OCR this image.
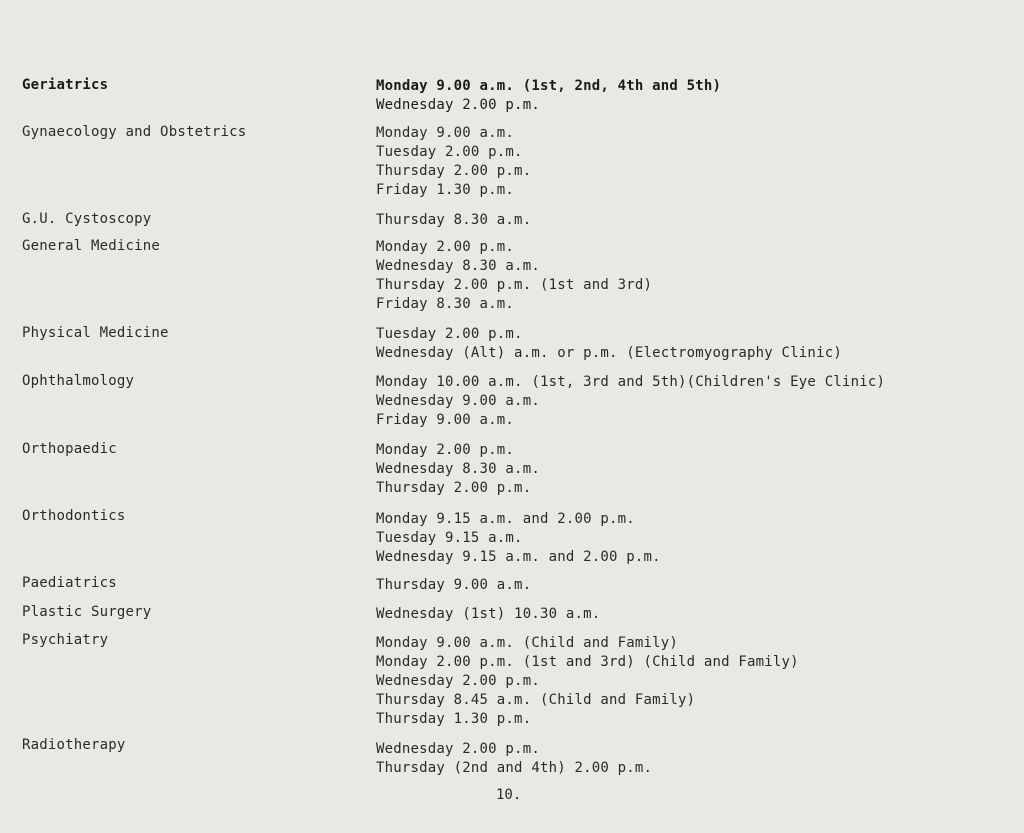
Geriatrics	Monday 9.00 a.m. (1st, 2nd, 4th and 5th)
Wednesday 2.00 p.m.
Gynaecology and Obstetrics	Monday 9.00 a.m.
Tuesday 2.00 p.m.
Thursday 2.00 p.m.
Friday 1.30 p.m.
G.U. Cystoscopy	Thursday 8.30 a.m.
General Medicine	Monday 2.00 p.m.
Wednesday 8.30 a.m.
Thursday 2.00 p.m. (1st and 3rd)
Friday 8.30 a.m.
Physical Medicine	Tuesday 2.00 p.m.
Wednesday (Alt) a.m. or p.m. (Electromyography Clinic)
Ophthalmology	Monday 10.00 a.m. (1st, 3rd and 5th)(Children's Eye Clinic)
Wednesday 9.00 a.m.
Friday 9.00 a.m.
Orthopaedic	Monday 2.00 p.m.
Wednesday 8.30 a.m.
Thursday 2.00 p.m.
Orthodontics	Monday 9.15 a.m. and 2.00 p.m.
Tuesday 9.15 a.m.
Wednesday 9.15 a.m. and 2.00 p.m.
Paediatrics	Thursday 9.00 a.m.
Plastic Surgery	Wednesday (1st) 10.30 a.m.
Psychiatry	Monday 9.00 a.m. (Child and Family)
Monday 2.00 p.m. (1st and 3rd) (Child and Family)
Wednesday 2.00 p.m.
Thursday 8.45 a.m. (Child and Family)
Thursday 1.30 p.m.
Radiotherapy	Wednesday 2.00 p.m.
Thursday (2nd and 4th) 2.00 p.m.
10.
